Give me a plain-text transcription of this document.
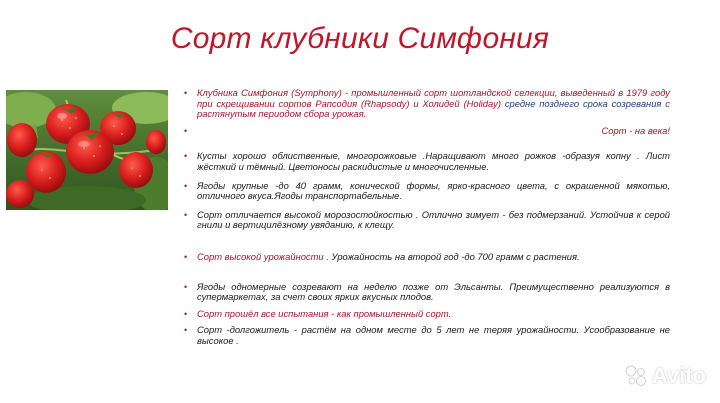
Сорт клубники Симфония
• Клубника Симфония (Symphony) - промышленный сорт шотландской селекции, выведенный в 1979 году при скрещивании сортов Рапсодия (Rhapsody) и Холидей (Holiday) средне позднего срока созревания с растянутым периодом сбора урожая.
•	Сорт - на века!
• Кусты хорошо облиственные, многорожковые .Наращивают много рожков -образуя копну . Лист жёсткий и тёмный. Цветоносы раскидистые и многочисленные.
• Ягоды крупные -до 40 грамм, конической формы, ярко-красного цвета, с окрашенной мякотью, отличного вкуса.Ягоды транспортабельные.
• Сорт отличается высокой морозостойкостью . Отлично зимует - без подмерзаний. Устойчив к серой гнили и вертицилёзному увяданию, к клещу.
• Сорт высокой урожайности . Урожайность на второй год -до 700 грамм с растения.
• Ягоды одномерные созревают на неделю позже от Эльсанты. Преимущественно реализуются в супермаркетах, за счет своих ярких вкусных плодов.
• Сорт прошёл все испытания - как промышленный сорт.
• Сорт -долгожитель - растём на одном месте до 5 лет не теряя урожайности. Усообразование не высокое .
Avito
